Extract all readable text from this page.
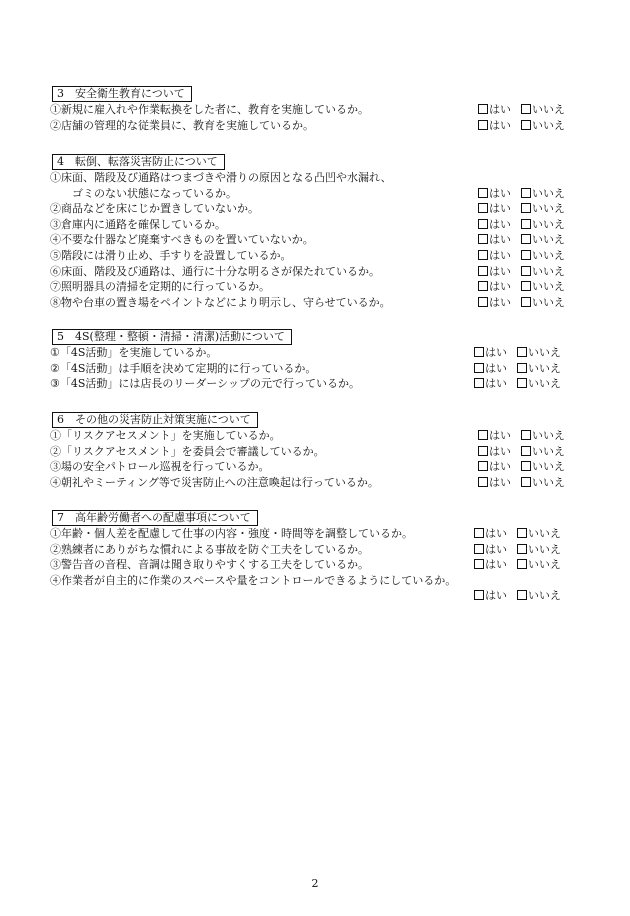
3　安全衛生教育について
①新規に雇入れや作業転換をした者に、教育を実施しているか。	はい いいえ
②店舗の管理的な従業員に、教育を実施しているか。	はい いいえ
4　転倒、転落災害防止について
①床面、階段及び通路はつまづきや滑りの原因となる凸凹や水漏れ、
ゴミのない状態になっているか。	はい いいえ
②商品などを床にじか置きしていないか。	はい いいえ
③倉庫内に通路を確保しているか。	はい いいえ
④不要な什器など廃棄すべきものを置いていないか。	はい いいえ
⑤階段には滑り止め、手すりを設置しているか。	はい いいえ
⑥床面、階段及び通路は、通行に十分な明るさが保たれているか。	はい いいえ
⑦照明器具の清掃を定期的に行っているか。	はい いいえ
⑧物や台車の置き場をペイントなどにより明示し、守らせているか。	はい いいえ
5　4S(整理・整頓・清掃・清潔)活動について
①「4S活動」を実施しているか。	はい いいえ
②「4S活動」は手順を決めて定期的に行っているか。	はい いいえ
③「4S活動」には店長のリーダーシップの元で行っているか。	はい いいえ
6　その他の災害防止対策実施について
①「リスクアセスメント」を実施しているか。	はい いいえ
②「リスクアセスメント」を委員会で審議しているか。	はい いいえ
③場の安全パトロール巡視を行っているか。	はい いいえ
④朝礼やミーティング等で災害防止への注意喚起は行っているか。	はい いいえ
7　高年齢労働者への配慮事項について
①年齢・個人差を配慮して仕事の内容・強度・時間等を調整しているか。	はい いいえ
②熟練者にありがちな慣れによる事故を防ぐ工夫をしているか。	はい いいえ
③警告音の音程、音調は聞き取りやすくする工夫をしているか。	はい いいえ
④作業者が自主的に作業のスペースや量をコントロールできるようにしているか。
はい いいえ
2
